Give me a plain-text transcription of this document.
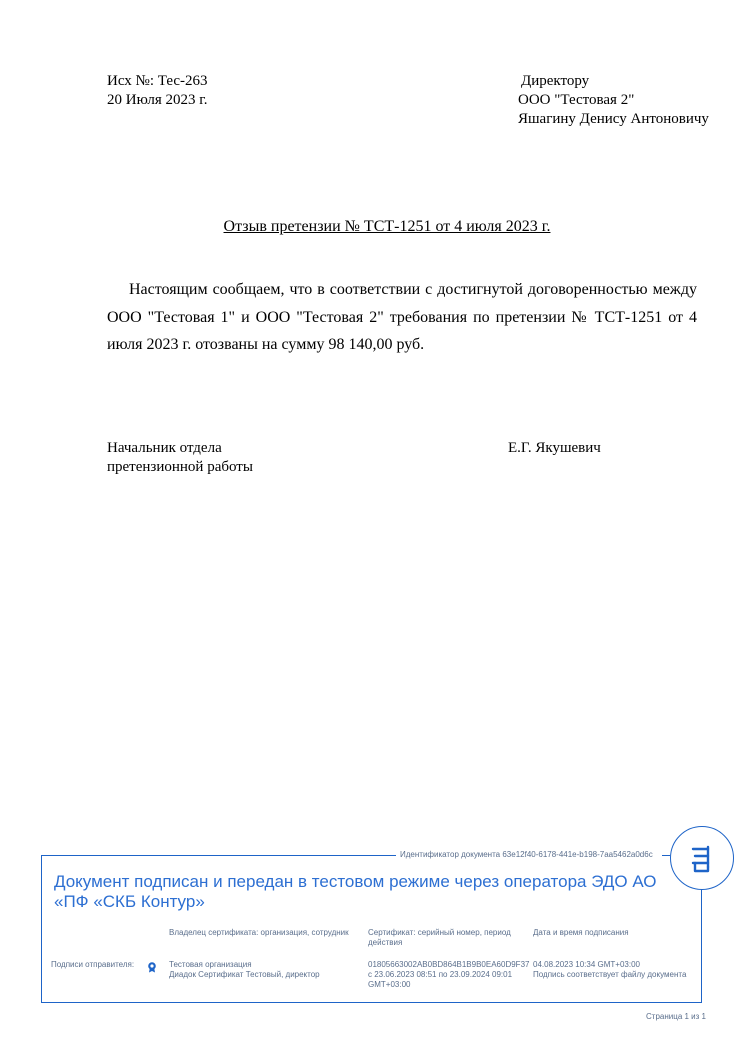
Исх №: Тес-263
20 Июля 2023 г.
Директору
ООО "Тестовая 2"
Яшагину Денису Антоновичу
Отзыв претензии № ТСТ-1251 от 4 июля 2023 г.

Настоящим сообщаем, что в соответствии с достигнутой договоренностью между ООО "Тестовая 1" и ООО "Тестовая 2" требования по претензии № ТСТ-1251 от 4 июля 2023 г. отозваны на сумму 98 140,00 руб.

Начальник отдела
претензионной работы
Е.Г. Якушевич
Идентификатор документа 63e12f40-6178-441e-b198-7aa5462a0d6c
Документ подписан и передан в тестовом режиме через оператора ЭДО АО «ПФ «СКБ Контур»
Владелец сертификата: организация, сотрудник	Сертификат: серийный номер, период действия
Дата и время подписания
Подписи отправителя:	Тестовая организация
Диадок Сертификат Тестовый, директор
01805663002AB0BD864B1B9B0EA60D9F37
с 23.06.2023 08:51 по 23.09.2024 09:01
GMT+03:00
04.08.2023 10:34 GMT+03:00
Подпись соответствует файлу документа
Страница 1 из 1
